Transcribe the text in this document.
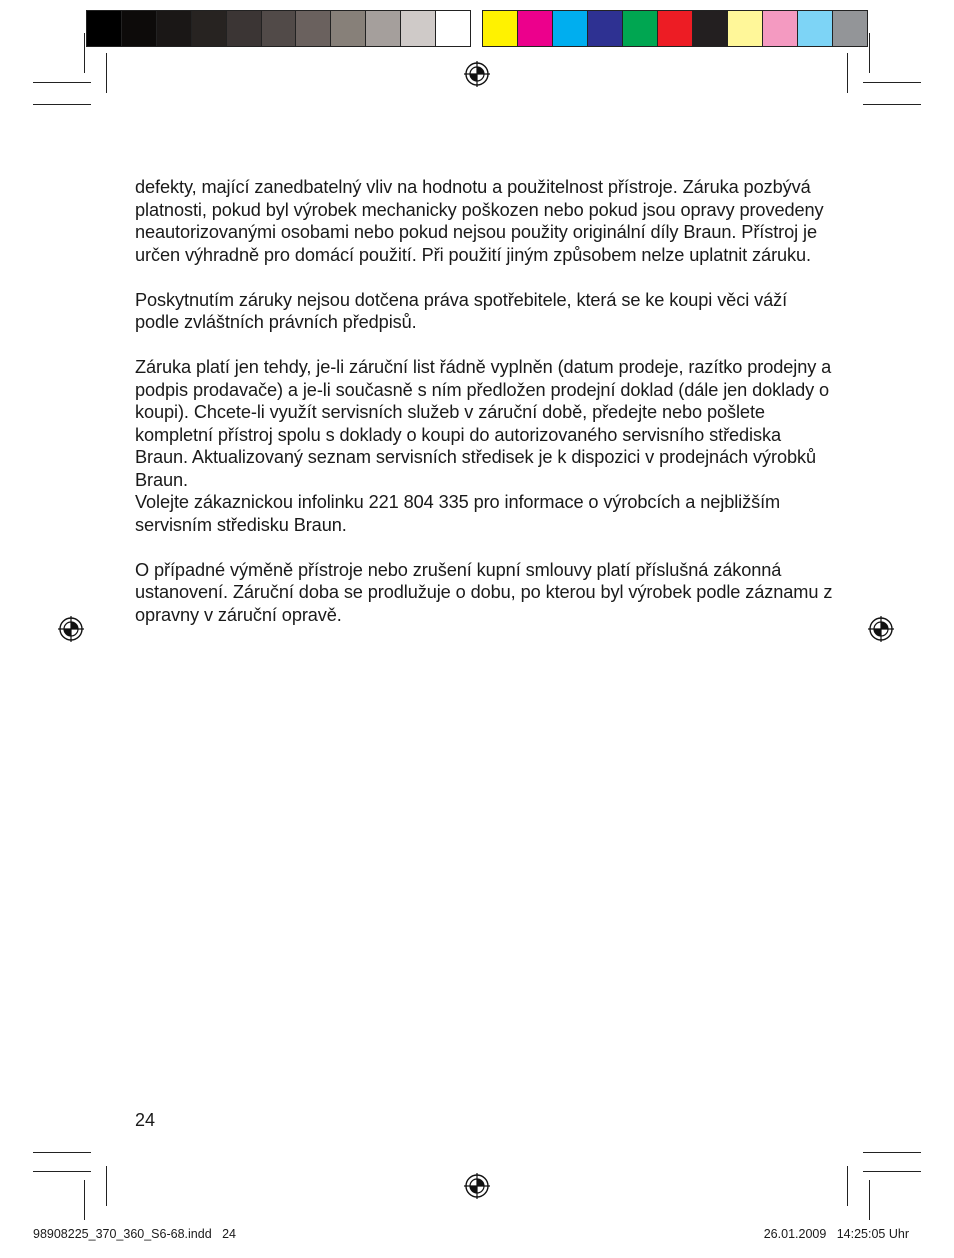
defekty, mající zanedbatelný vliv na hodnotu a použitelnost přístroje. Záruka pozbývá platnosti, pokud byl výrobek mechanicky poškozen nebo pokud jsou opravy provedeny neautorizovanými osobami nebo pokud nejsou použity originální díly Braun. Přístroj je určen výhradně pro domácí použití. Při použití jiným způsobem nelze uplatnit záruku.

Poskytnutím záruky nejsou dotčena práva spotřebitele, která se ke koupi věci váží podle zvláštních právních předpisů.

Záruka platí jen tehdy, je-li záruční list řádně vyplněn (datum prodeje, razítko prodejny a podpis prodavače) a je-li současně s ním předložen prodejní doklad (dále jen doklady o koupi). Chcete-li využít servisních služeb v záruční době, předejte nebo pošlete kompletní přístroj spolu s doklady o koupi do autorizovaného servisního střediska Braun. Aktualizovaný seznam servisních středisek je k dispozici v prodejnách výrobků Braun.

Volejte zákaznickou infolinku 221 804 335 pro informace o výrobcích a nejbližším servisním středisku Braun.

O případné výměně přístroje nebo zrušení kupní smlouvy platí příslušná zákonná ustanovení. Záruční doba se prodlužuje o dobu, po kterou byl výrobek podle záznamu z opravny v záruční opravě.

24
98908225_370_360_S6-68.indd   24	26.01.2009   14:25:05 Uhr
